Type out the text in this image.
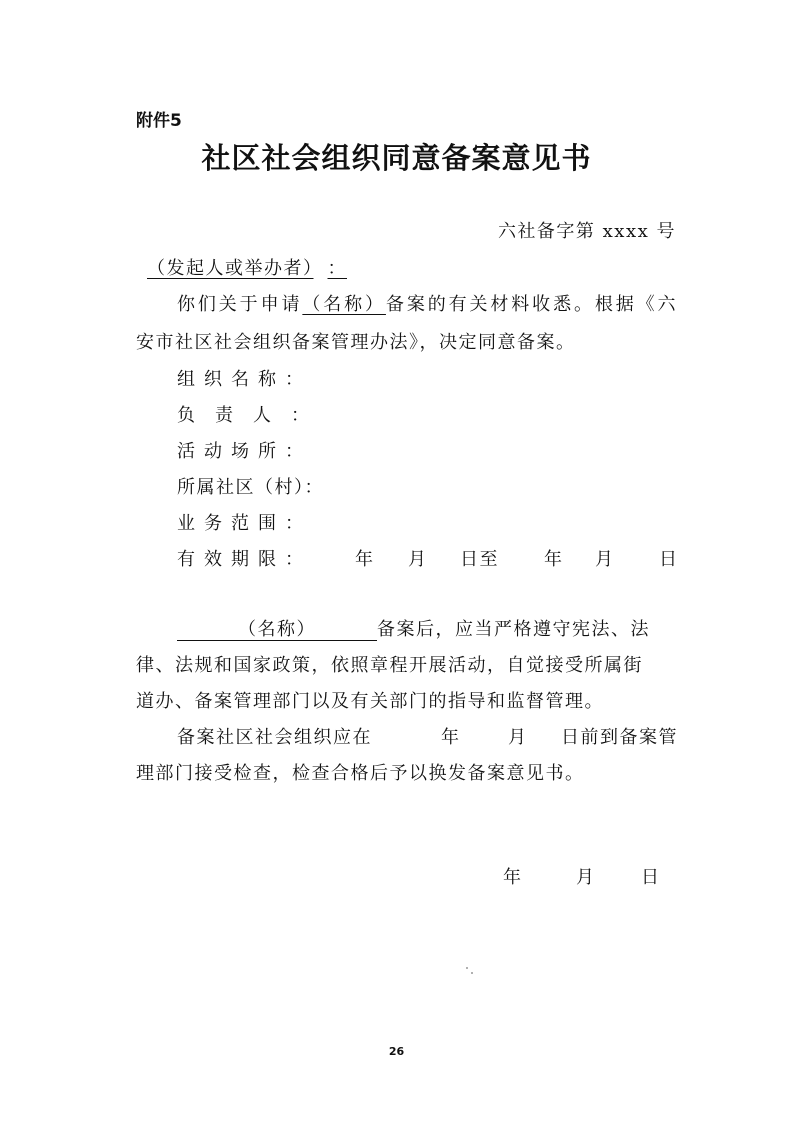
附件5
社区社会组织同意备案意见书
六社备字第 xxxx 号
（发起人或举办者） ：
你们关于申请（名称）备案的有关材料收悉。根据《六
安市社区社会组织备案管理办法》，决定同意备案。
组织名称：
负责人：
活动场所：
所属社区（村）：
业务范围：
有效期限： 年 月 日至	年 月 日
（名称）	备案后，应当严格遵守宪法、法
律、法规和国家政策，依照章程开展活动，自觉接受所属街
道办、备案管理部门以及有关部门的指导和监督管理。
备案社区社会组织应在	年	月 日前到备案管
理部门接受检查，检查合格后予以换发备案意见书。
年	月	日
26
